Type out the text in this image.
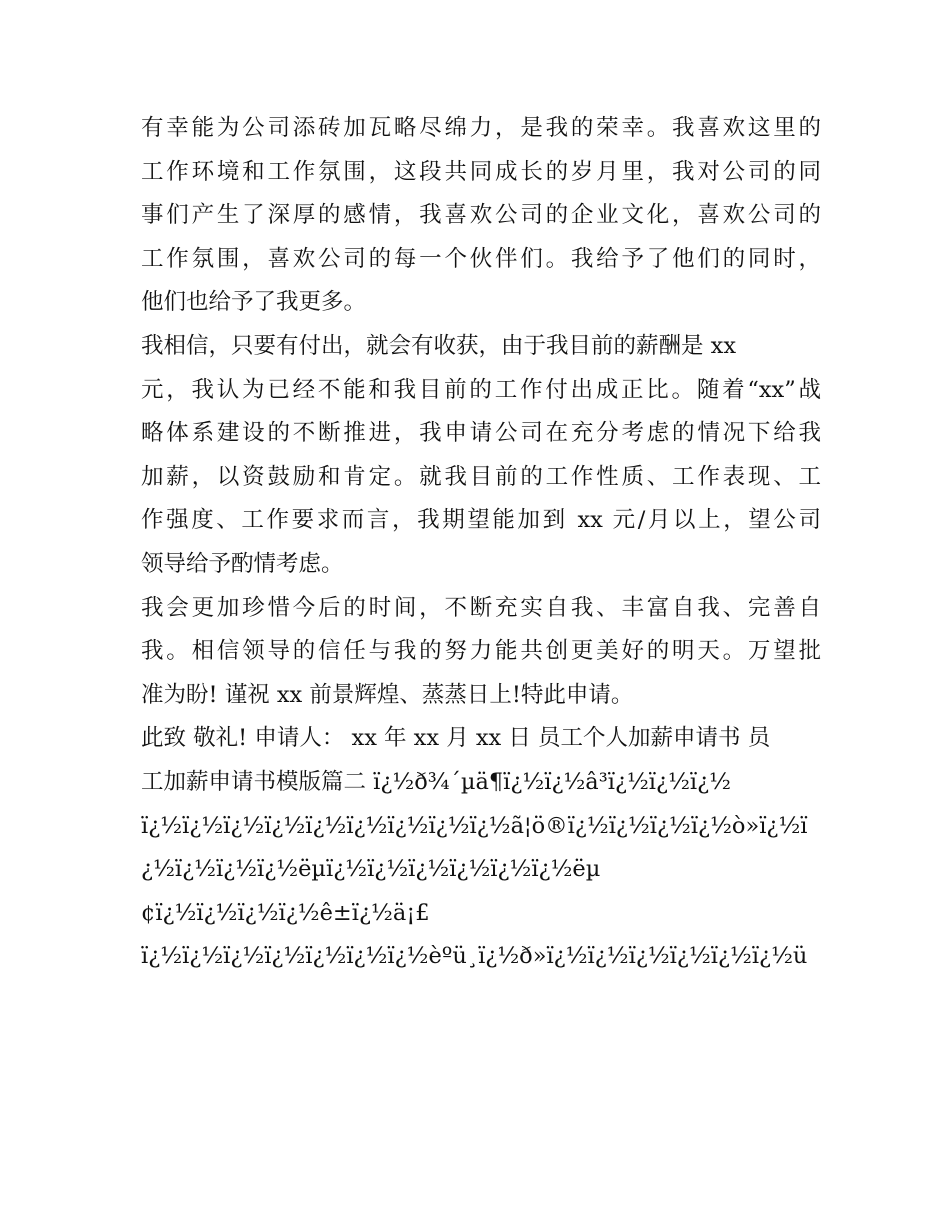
有幸能为公司添砖加瓦略尽绵力，是我的荣幸。我喜欢这里的
工作环境和工作氛围，这段共同成长的岁月里，我对公司的同
事们产生了深厚的感情，我喜欢公司的企业文化，喜欢公司的
工作氛围，喜欢公司的每一个伙伴们。我给予了他们的同时，
他们也给予了我更多。
我相信，只要有付出，就会有收获，由于我目前的薪酬是 xx
元，我认为已经不能和我目前的工作付出成正比。随着“xx”战
略体系建设的不断推进，我申请公司在充分考虑的情况下给我
加薪，以资鼓励和肯定。就我目前的工作性质、工作表现、工
作强度、工作要求而言，我期望能加到 xx 元/月以上，望公司
领导给予酌情考虑。
我会更加珍惜今后的时间，不断充实自我、丰富自我、完善自
我。相信领导的信任与我的努力能共创更美好的明天。万望批
准为盼! 谨祝 xx 前景辉煌、蒸蒸日上!特此申请。
此致 敬礼! 申请人： xx 年 xx 月 xx 日 员工个人加薪申请书 员
工加薪申请书模版篇二 ï¿½ð¾´µä¶ï¿½ï¿½â³ï¿½ï¿½ï¿½
ï¿½ï¿½ï¿½ï¿½ï¿½ï¿½ï¿½ï¿½ï¿½ã¦ö®ï¿½ï¿½ï¿½ï¿½ò»ï¿½ï
¿½ï¿½ï¿½ï¿½ëµï¿½ï¿½ï¿½ï¿½ï¿½ï¿½ëµ
¢ï¿½ï¿½ï¿½ï¿½ê±ï¿½ä¡£
ï¿½ï¿½ï¿½ï¿½ï¿½ï¿½ï¿½èºü¸ï¿½ð»ï¿½ï¿½ï¿½ï¿½ï¿½ï¿½ü
